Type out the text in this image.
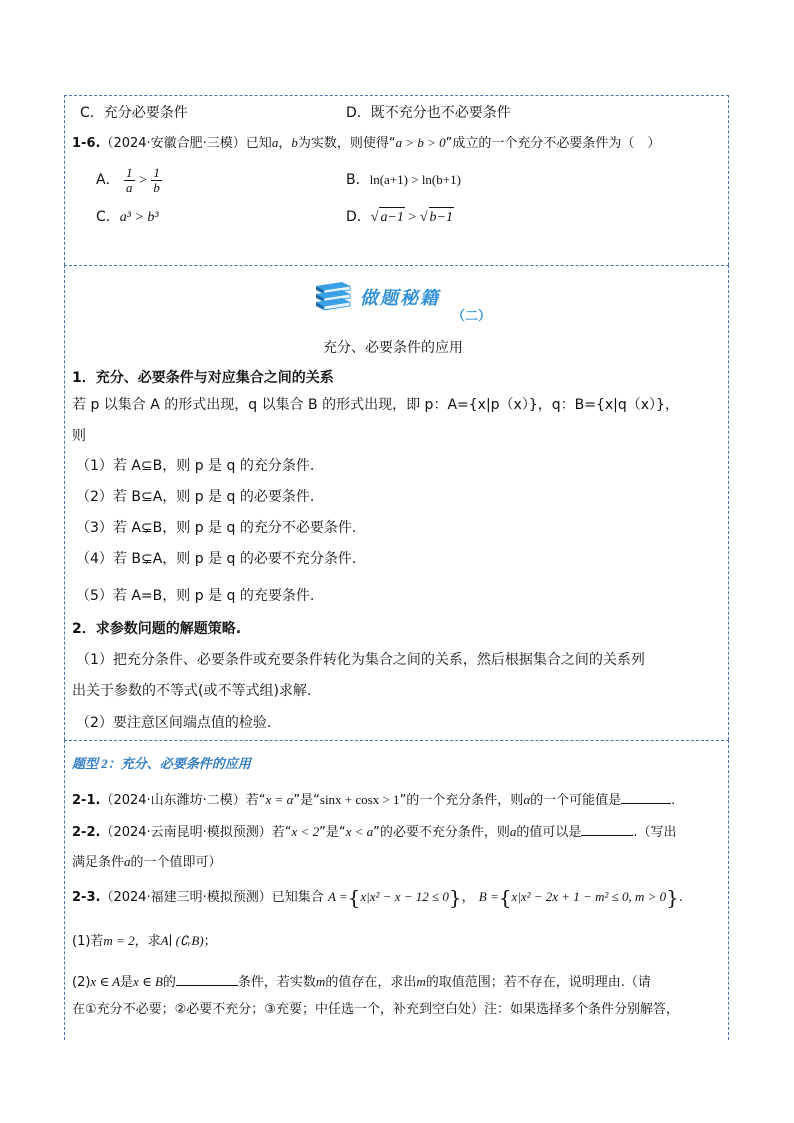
C．充分必要条件	D．既不充分也不必要条件
1-6.（2024·安徽合肥·三模）已知a，b为实数，则使得“a > b > 0”成立的一个充分不必要条件为（　）
A． $\frac{1}{a} > \frac{1}{b}$	B．ln(a+1) > ln(b+1)
C．a³ > b³	D．√ a−1 > √ b−1
做题秘籍
（二）
充分、必要条件的应用
1．充分、必要条件与对应集合之间的关系
若 p 以集合 A 的形式出现，q 以集合 B 的形式出现，即 p：A={x|p（x）}，q：B={x|q（x）}，
则
（1）若 A⊆B，则 p 是 q 的充分条件.
（2）若 B⊆A，则 p 是 q 的必要条件.
（3）若 A⊊B，则 p 是 q 的充分不必要条件.
（4）若 B⊊A，则 p 是 q 的必要不充分条件.
（5）若 A=B，则 p 是 q 的充要条件.
2．求参数问题的解题策略.
（1）把充分条件、必要条件或充要条件转化为集合之间的关系，然后根据集合之间的关系列
出关于参数的不等式(或不等式组)求解.
（2）要注意区间端点值的检验.
题型 2：充分、必要条件的应用
2-1.（2024·山东潍坊·二模）若“x = α”是“sinx + cosx > 1”的一个充分条件，则α的一个可能值是	.
2-2.（2024·云南昆明·模拟预测）若“x < 2”是“x < a”的必要不充分条件，则a的值可以是	.（写出
满足条件a的一个值即可）
2-3.（2024·福建三明·模拟预测）已知集合 A ={x|x² − x − 12 ≤ 0}， B ={x|x² − 2x + 1 − m² ≤ 0, m > 0}.
(1)若m = 2，求A∣ (∁ᵣB)；
(2)x ∈ A是x ∈ B的	条件，若实数m的值存在，求出m的取值范围；若不存在，说明理由.（请
在①充分不必要；②必要不充分；③充要；中任选一个，补充到空白处）注：如果选择多个条件分别解答，
